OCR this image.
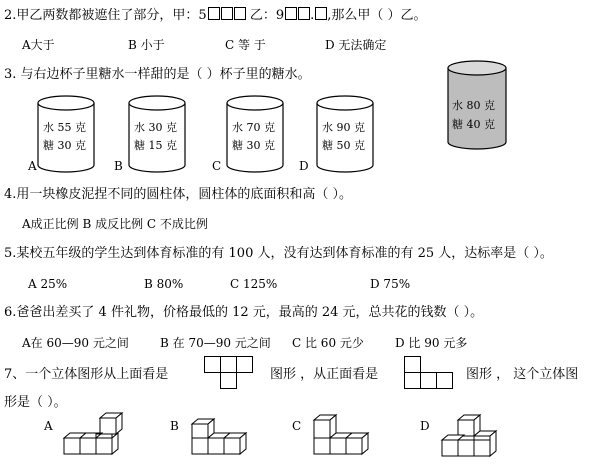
2.甲乙两数都被遮住了部分，甲：5	乙：9 . ,那么甲（ ）乙。
A大于	B 小于	C 等 于	D 无法确定
3. 与右边杯子里糖水一样甜的是（ ）杯子里的糖水。
水 80 克
糖 40 克
水 55 克
糖 30 克
A
水 30 克
糖 15 克
B
水 70 克
糖 30 克
C
水 90 克
糖 50 克
D
4.用一块橡皮泥捏不同的圆柱体，圆柱体的底面积和高（ ）。
A成正比例 B 成反比例 C 不成比例
5.某校五年级的学生达到体育标准的有 100 人，没有达到体育标准的有 25 人，达标率是（ ）。
A 25%	B 80%	C 125%	D 75%
6.爸爸出差买了 4 件礼物，价格最低的 12 元，最高的 24 元，总共花的钱数（ ）。
A在 60—90 元之间	B 在 70—90 元之间 C 比 60 元少	D 比 90 元多
7、一个立体图形从上面看是	图形 ，从正面看是	图形 ， 这个立体图
形是（ ）。
A	B	C	D
